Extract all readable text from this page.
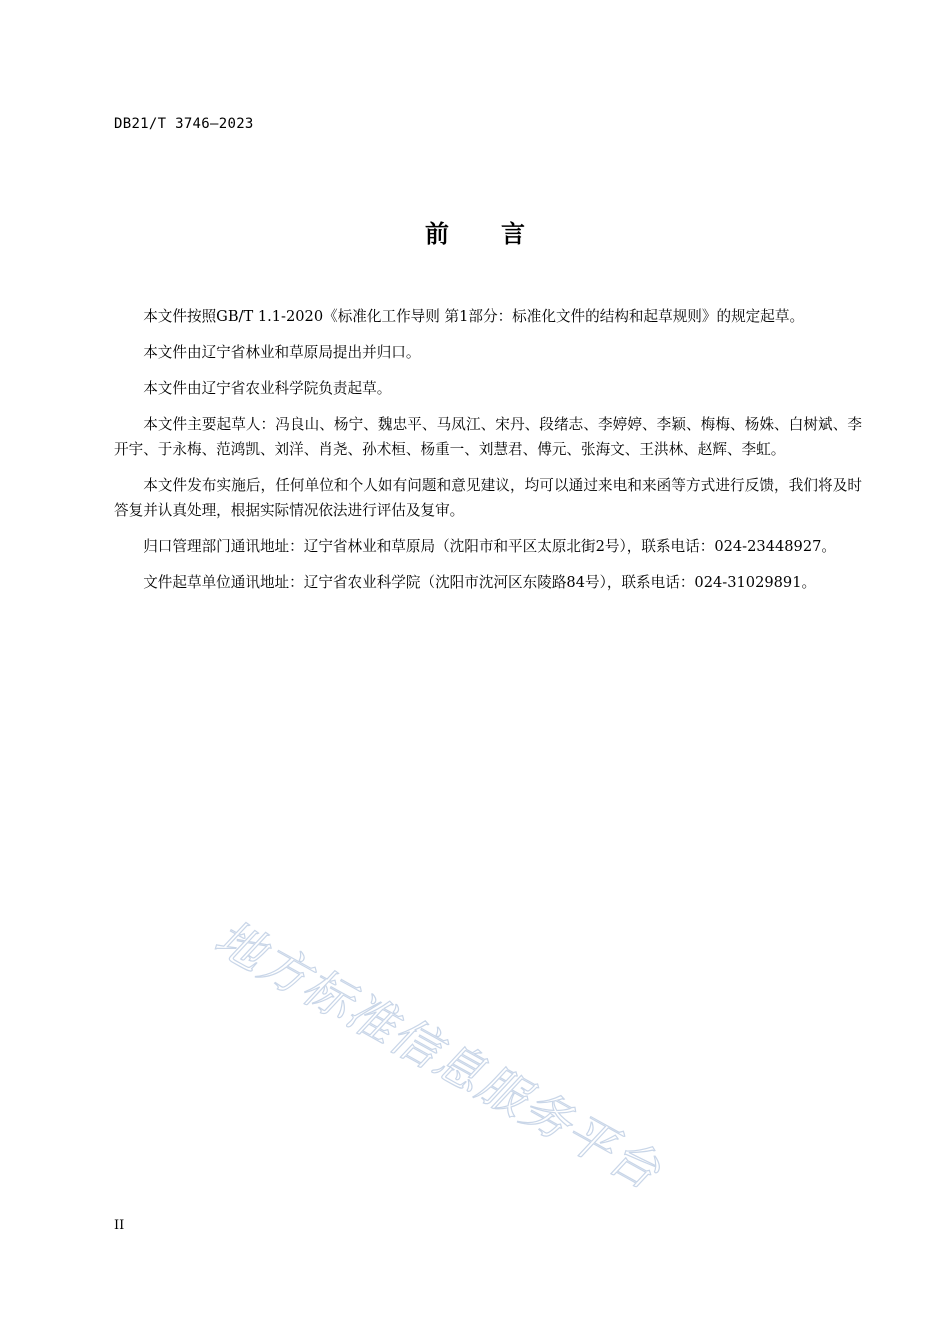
DB21/T 3746—2023
前言

本文件按照GB/T 1.1-2020《标准化工作导则 第1部分：标准化文件的结构和起草规则》的规定起草。

本文件由辽宁省林业和草原局提出并归口。

本文件由辽宁省农业科学院负责起草。

本文件主要起草人：冯良山、杨宁、魏忠平、马凤江、宋丹、段绪志、李婷婷、李颖、梅梅、杨姝、白树斌、李开宇、于永梅、范鸿凯、刘洋、肖尧、孙术桓、杨重一、刘慧君、傅元、张海文、王洪林、赵辉、李虹。

本文件发布实施后，任何单位和个人如有问题和意见建议，均可以通过来电和来函等方式进行反馈，我们将及时答复并认真处理，根据实际情况依法进行评估及复审。

归口管理部门通讯地址：辽宁省林业和草原局（沈阳市和平区太原北街2号），联系电话：024-23448927。

文件起草单位通讯地址：辽宁省农业科学院（沈阳市沈河区东陵路84号），联系电话：024-31029891。

地方标准信息服务平台
II
